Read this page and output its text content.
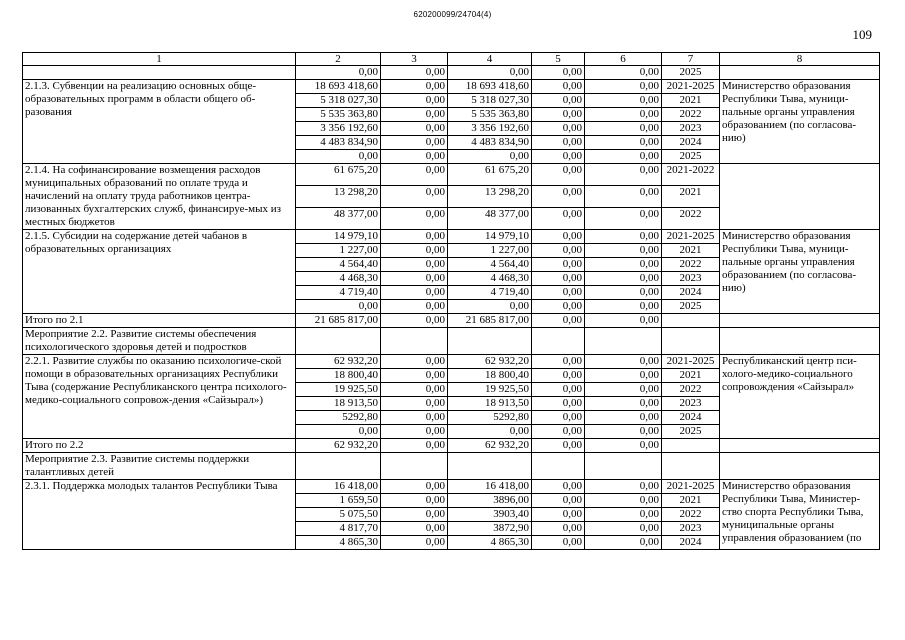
620200099/24704(4)
109
1	2	3	4	5	6	7	8
	0,00	0,00	0,00	0,00	0,00	2025	
2.1.3. Субвенции на реализацию основных обще-образовательных программ в области общего об-разования	18 693 418,60	0,00	18 693 418,60	0,00	0,00	2021-2025	Министерство образования Республики Тыва, муници-пальные органы управления образованием (по согласова-нию)
	5 318 027,30	0,00	5 318 027,30	0,00	0,00	2021	
	5 535 363,80	0,00	5 535 363,80	0,00	0,00	2022	
	3 356 192,60	0,00	3 356 192,60	0,00	0,00	2023	
	4 483 834,90	0,00	4 483 834,90	0,00	0,00	2024	
	0,00	0,00	0,00	0,00	0,00	2025	
2.1.4. На софинансирование возмещения расходов муниципальных образований по оплате труда и начислений на оплату труда работников центра-лизованных бухгалтерских служб, финансируе-мых из местных бюджетов	61 675,20	0,00	61 675,20	0,00	0,00	2021-2022	
	13 298,20	0,00	13 298,20	0,00	0,00	2021	
	48 377,00	0,00	48 377,00	0,00	0,00	2022	
2.1.5. Субсидии на содержание детей чабанов в образовательных организациях	14 979,10	0,00	14 979,10	0,00	0,00	2021-2025	Министерство образования Республики Тыва, муници-пальные органы управления образованием (по согласова-нию)
	1 227,00	0,00	1 227,00	0,00	0,00	2021	
	4 564,40	0,00	4 564,40	0,00	0,00	2022	
	4 468,30	0,00	4 468,30	0,00	0,00	2023	
	4 719,40	0,00	4 719,40	0,00	0,00	2024	
	0,00	0,00	0,00	0,00	0,00	2025	
Итого по 2.1	21 685 817,00	0,00	21 685 817,00	0,00	0,00		
Мероприятие 2.2. Развитие системы обеспечения психологического здоровья детей и подростков							
2.2.1. Развитие службы по оказанию психологиче-ской помощи в образовательных организациях Республики Тыва (содержание Республиканского центра психолого-медико-социального сопровож-дения «Сайзырал»)	62 932,20	0,00	62 932,20	0,00	0,00	2021-2025	Республиканский центр пси-холого-медико-социального сопровождения «Сайзырал»
	18 800,40	0,00	18 800,40	0,00	0,00	2021	
	19 925,50	0,00	19 925,50	0,00	0,00	2022	
	18 913,50	0,00	18 913,50	0,00	0,00	2023	
	5292,80	0,00	5292,80	0,00	0,00	2024	
	0,00	0,00	0,00	0,00	0,00	2025	
Итого по 2.2	62 932,20	0,00	62 932,20	0,00	0,00		
Мероприятие 2.3. Развитие системы поддержки талантливых детей							
2.3.1. Поддержка молодых талантов Республики Тыва	16 418,00	0,00	16 418,00	0,00	0,00	2021-2025	Министерство образования Республики Тыва, Министер-ство спорта Республики Тыва, муниципальные органы управления образованием (по
	1 659,50	0,00	3896,00	0,00	0,00	2021	
	5 075,50	0,00	3903,40	0,00	0,00	2022	
	4 817,70	0,00	3872,90	0,00	0,00	2023	
	4 865,30	0,00	4 865,30	0,00	0,00	2024	
